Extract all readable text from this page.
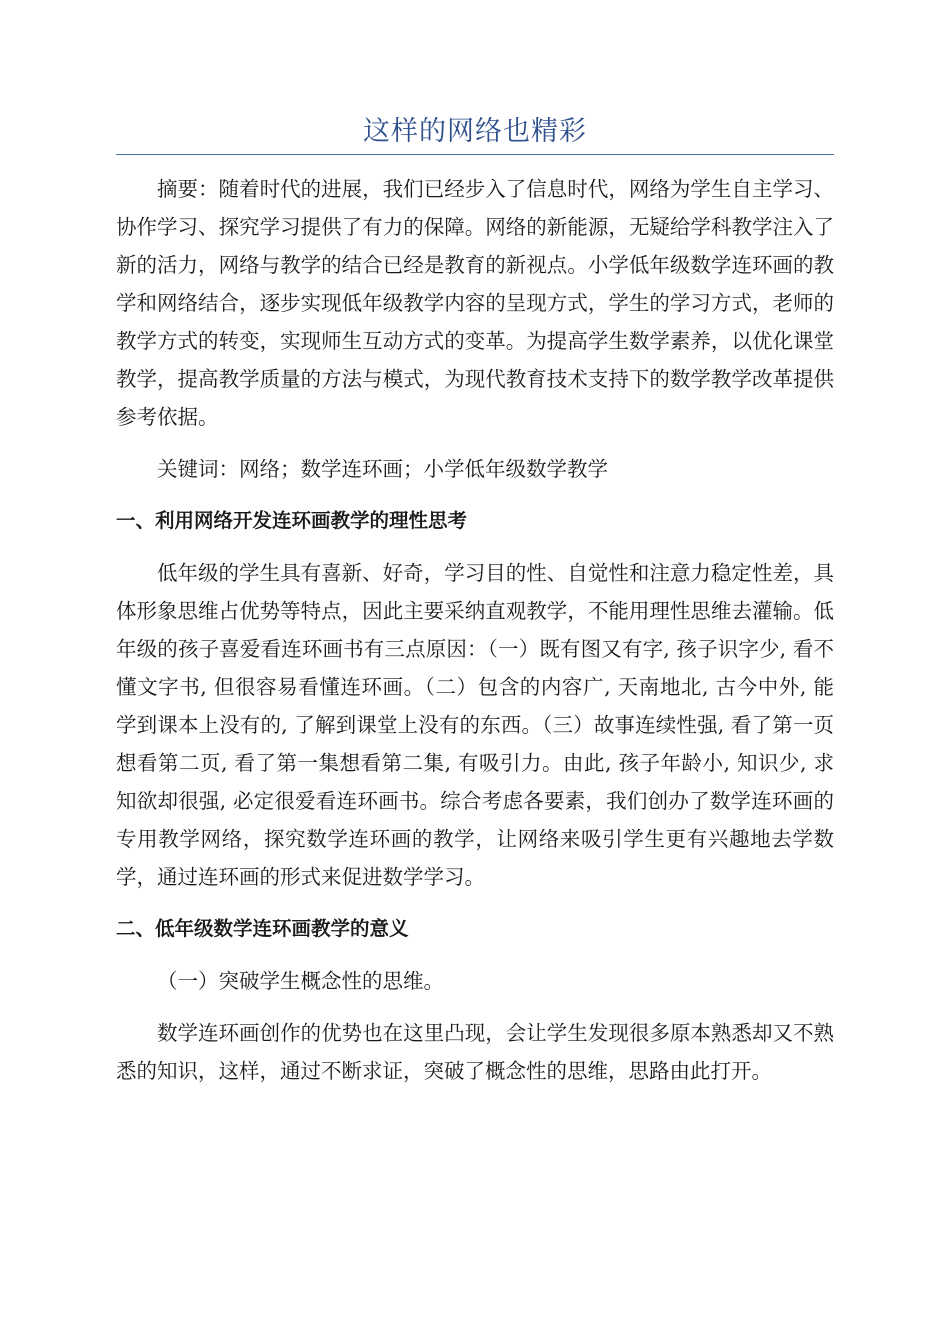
这样的网络也精彩

摘要：随着时代的进展，我们已经步入了信息时代，网络为学生自主学习、协作学习、探究学习提供了有力的保障。网络的新能源，无疑给学科教学注入了新的活力，网络与教学的结合已经是教育的新视点。小学低年级数学连环画的教学和网络结合，逐步实现低年级教学内容的呈现方式，学生的学习方式，老师的教学方式的转变，实现师生互动方式的变革。为提高学生数学素养，以优化课堂教学，提高教学质量的方法与模式，为现代教育技术支持下的数学教学改革提供参考依据。

关键词：网络；数学连环画；小学低年级数学教学

一、利用网络开发连环画教学的理性思考

低年级的学生具有喜新、好奇，学习目的性、自觉性和注意力稳定性差，具体形象思维占优势等特点，因此主要采纳直观教学，不能用理性思维去灌输。低年级的孩子喜爱看连环画书有三点原因：（一）既有图又有字, 孩子识字少, 看不懂文字书, 但很容易看懂连环画。（二）包含的内容广, 天南地北, 古今中外, 能学到课本上没有的, 了解到课堂上没有的东西。（三）故事连续性强, 看了第一页想看第二页, 看了第一集想看第二集, 有吸引力。由此, 孩子年龄小, 知识少, 求知欲却很强, 必定很爱看连环画书。综合考虑各要素，我们创办了数学连环画的专用教学网络，探究数学连环画的教学，让网络来吸引学生更有兴趣地去学数学，通过连环画的形式来促进数学学习。

二、低年级数学连环画教学的意义

（一）突破学生概念性的思维。

数学连环画创作的优势也在这里凸现，会让学生发现很多原本熟悉却又不熟悉的知识，这样，通过不断求证，突破了概念性的思维，思路由此打开。
